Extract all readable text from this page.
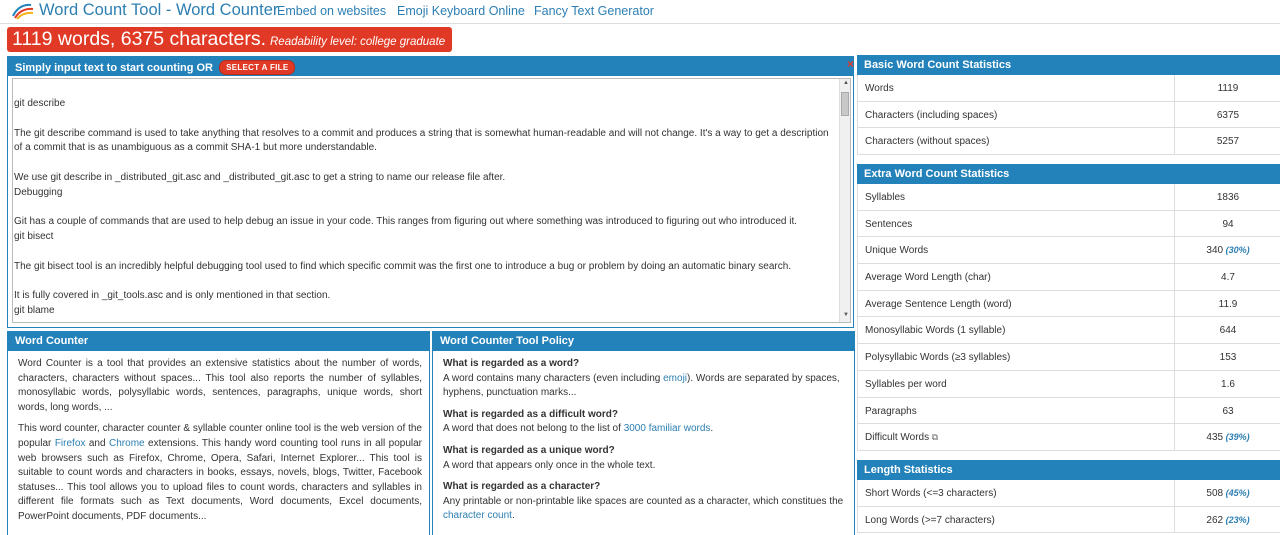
Word Count Tool - Word Counter
Embed on websites Emoji Keyboard Online Fancy Text Generator
1119 words, 6375 characters. Readability level: college graduate
Simply input text to start counting OR SELECT A FILE	×

git describe

The git describe command is used to take anything that resolves to a commit and produces a string that is somewhat human-readable and will not change. It's a way to get a description of a commit that is as unambiguous as a commit SHA-1 but more understandable.

We use git describe in _distributed_git.asc and _distributed_git.asc to get a string to name our release file after.

Debugging

Git has a couple of commands that are used to help debug an issue in your code. This ranges from figuring out where something was introduced to figuring out who introduced it.

git bisect

The git bisect tool is an incredibly helpful debugging tool used to find which specific commit was the first one to introduce a bug or problem by doing an automatic binary search.

It is fully covered in _git_tools.asc and is only mentioned in that section.

git blame

▲
▼
Word Counter

Word Counter is a tool that provides an extensive statistics about the number of words, characters, characters without spaces... This tool also reports the number of syllables, monosyllabic words, polysyllabic words, sentences, paragraphs, unique words, short words, long words, ...

This word counter, character counter & syllable counter online tool is the web version of the popular Firefox and Chrome extensions. This handy word counting tool runs in all popular web browsers such as Firefox, Chrome, Opera, Safari, Internet Explorer... This tool is suitable to count words and characters in books, essays, novels, blogs, Twitter, Facebook statuses... This tool allows you to upload files to count words, characters and syllables in different file formats such as Text documents, Word documents, Excel documents, PowerPoint documents, PDF documents...

Word Counter Tool Policy
What is regarded as a word?
A word contains many characters (even including emoji). Words are separated by spaces, hyphens, punctuation marks...
What is regarded as a difficult word?
A word that does not belong to the list of 3000 familiar words.
What is regarded as a unique word?
A word that appears only once in the whole text.
What is regarded as a character?
Any printable or non-printable like spaces are counted as a character, which constitues the character count.
Basic Word Count Statistics
Words	1119
Characters (including spaces)	6375
Characters (without spaces)	5257
Extra Word Count Statistics
Syllables	1836
Sentences	94
Unique Words	340 (30%)
Average Word Length (char)	4.7
Average Sentence Length (word)	11.9
Monosyllabic Words (1 syllable)	644
Polysyllabic Words (≥3 syllables)	153
Syllables per word	1.6
Paragraphs	63
Difficult Words ⧉	435 (39%)
Length Statistics
Short Words (<=3 characters)	508 (45%)
Long Words (>=7 characters)	262 (23%)
